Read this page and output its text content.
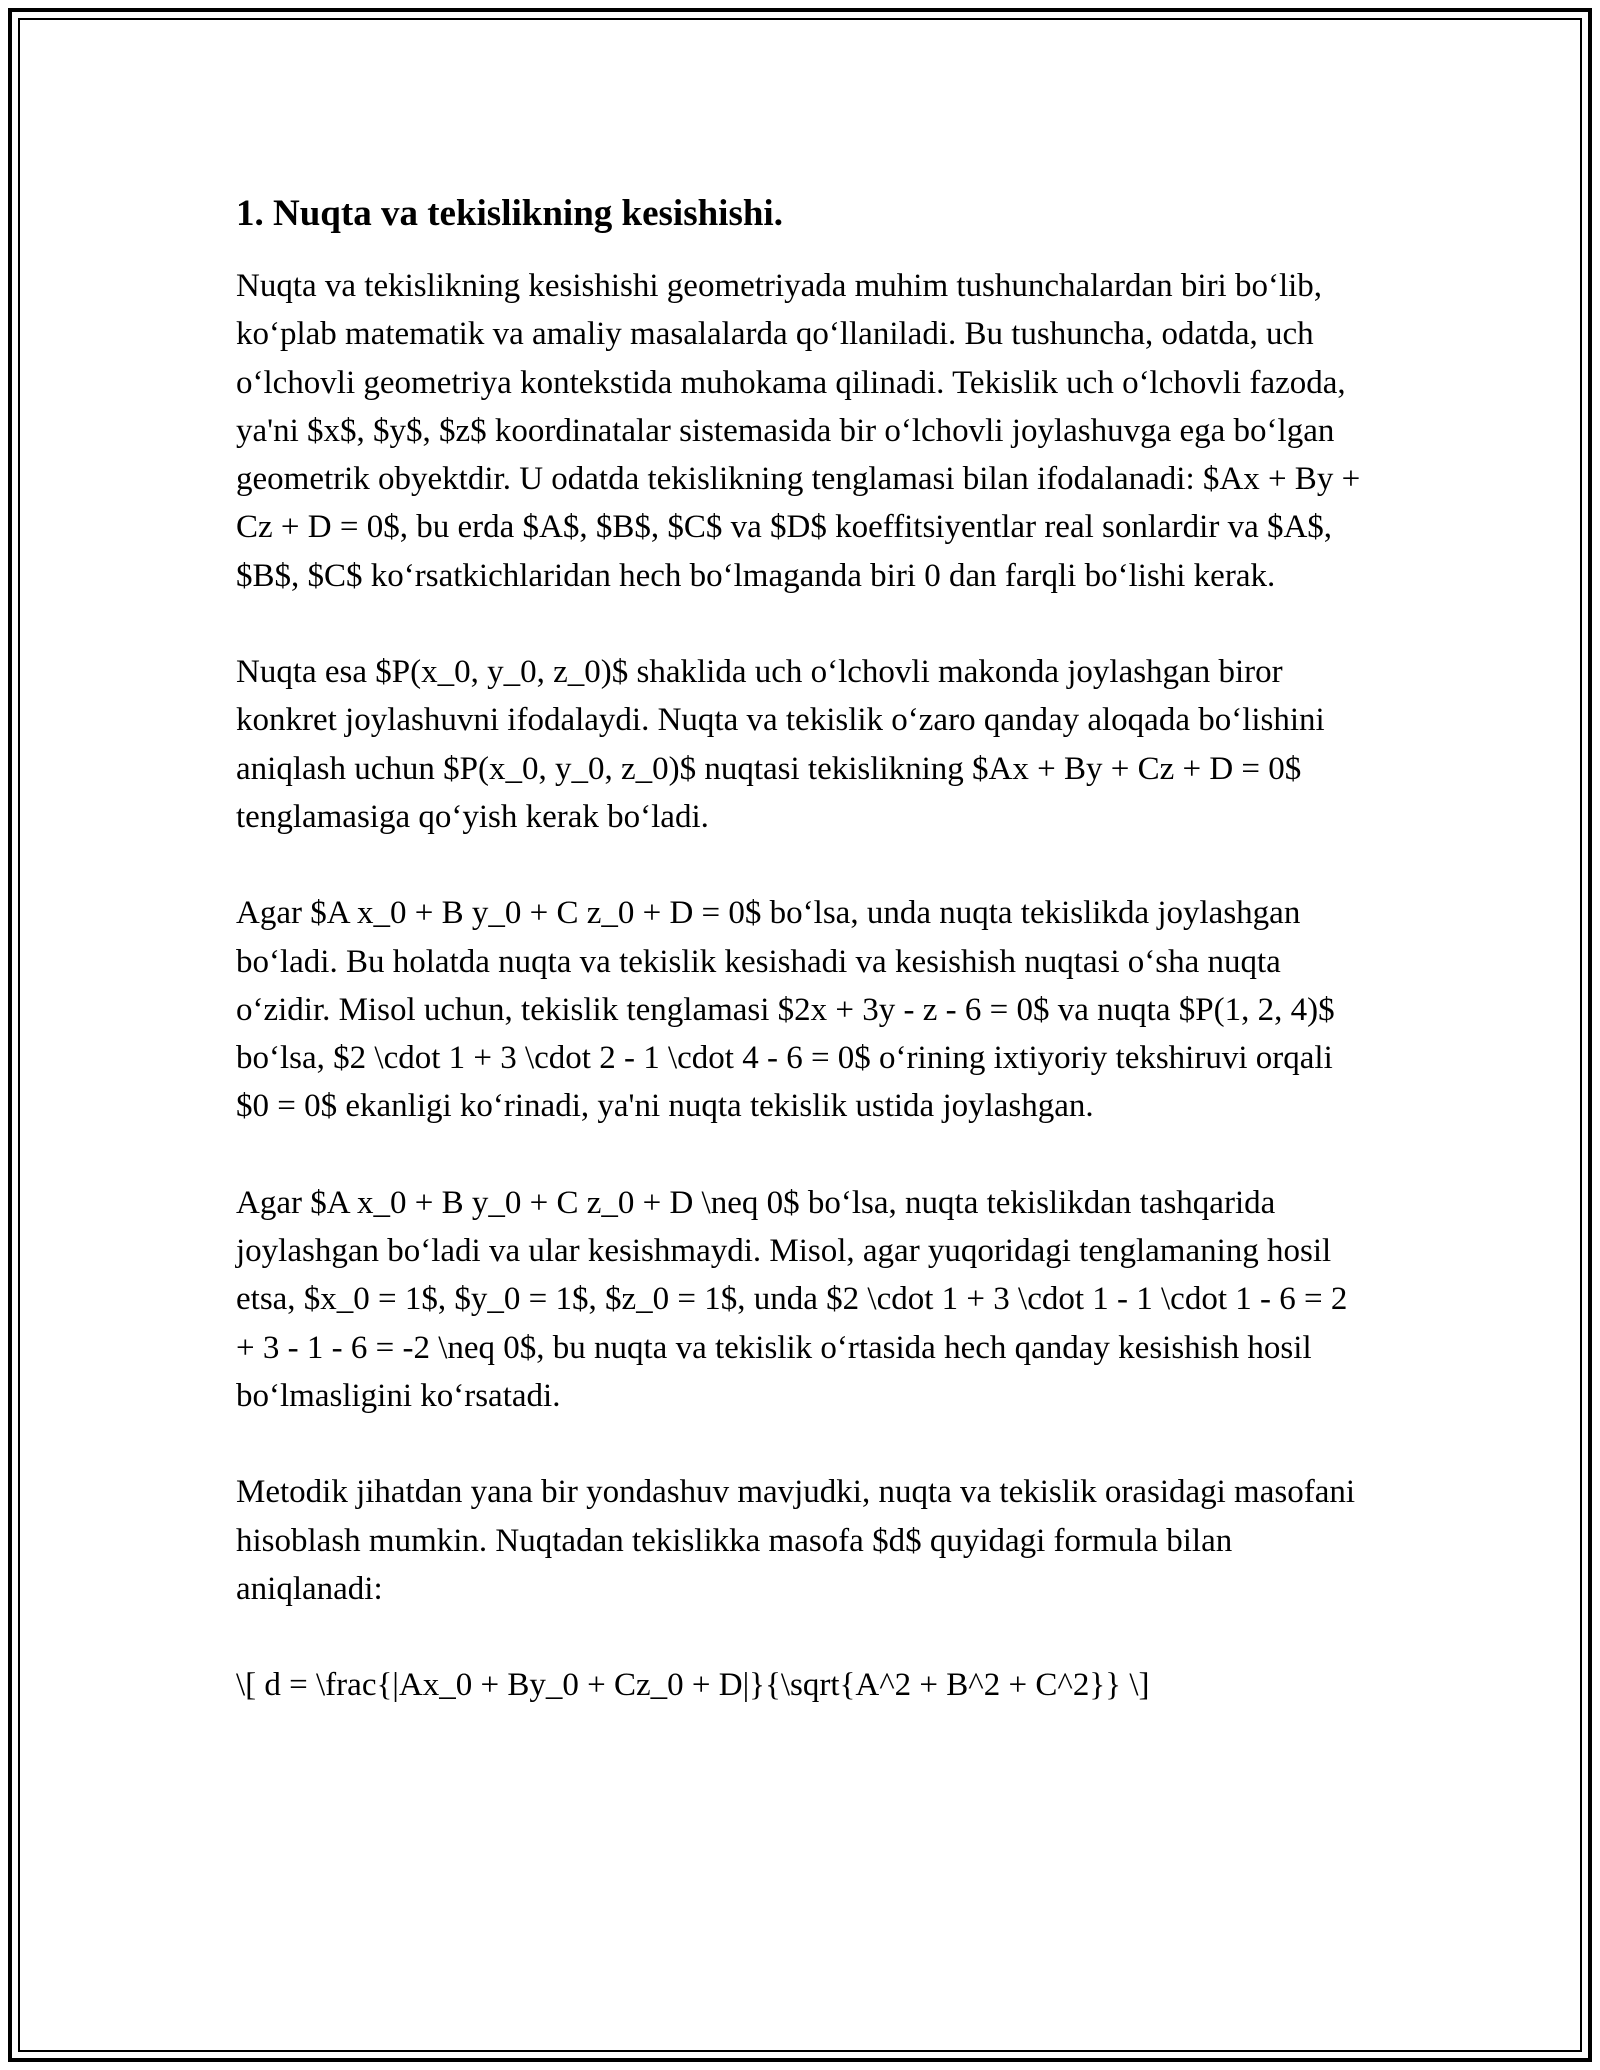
1. Nuqta va tekislikning kesishishi.

Nuqta va tekislikning kesishishi geometriyada muhim tushunchalardan biri bo‘lib, ko‘plab matematik va amaliy masalalarda qo‘llaniladi. Bu tushuncha, odatda, uch o‘lchovli geometriya kontekstida muhokama qilinadi. Tekislik uch o‘lchovli fazoda, ya'ni $x$, $y$, $z$ koordinatalar sistemasida bir o‘lchovli joylashuvga ega bo‘lgan geometrik obyektdir. U odatda tekislikning tenglamasi bilan ifodalanadi: $Ax + By + Cz + D = 0$, bu erda $A$, $B$, $C$ va $D$ koeffitsiyentlar real sonlardir va $A$, $B$, $C$ ko‘rsatkichlaridan hech bo‘lmaganda biri 0 dan farqli bo‘lishi kerak.

Nuqta esa $P(x_0, y_0, z_0)$ shaklida uch o‘lchovli makonda joylashgan biror konkret joylashuvni ifodalaydi. Nuqta va tekislik o‘zaro qanday aloqada bo‘lishini aniqlash uchun $P(x_0, y_0, z_0)$ nuqtasi tekislikning $Ax + By + Cz + D = 0$ tenglamasiga qo‘yish kerak bo‘ladi.

Agar $A x_0 + B y_0 + C z_0 + D = 0$ bo‘lsa, unda nuqta tekislikda joylashgan bo‘ladi. Bu holatda nuqta va tekislik kesishadi va kesishish nuqtasi o‘sha nuqta o‘zidir. Misol uchun, tekislik tenglamasi $2x + 3y - z - 6 = 0$ va nuqta $P(1, 2, 4)$ bo‘lsa, $2 \cdot 1 + 3 \cdot 2 - 1 \cdot 4 - 6 = 0$ o‘rining ixtiyoriy tekshiruvi orqali $0 = 0$ ekanligi ko‘rinadi, ya'ni nuqta tekislik ustida joylashgan.

Agar $A x_0 + B y_0 + C z_0 + D \neq 0$ bo‘lsa, nuqta tekislikdan tashqarida joylashgan bo‘ladi va ular kesishmaydi. Misol, agar yuqoridagi tenglamaning hosil etsa, $x_0 = 1$, $y_0 = 1$, $z_0 = 1$, unda $2 \cdot 1 + 3 \cdot 1 - 1 \cdot 1 - 6 = 2 + 3 - 1 - 6 = -2 \neq 0$, bu nuqta va tekislik o‘rtasida hech qanday kesishish hosil bo‘lmasligini ko‘rsatadi.

Metodik jihatdan yana bir yondashuv mavjudki, nuqta va tekislik orasidagi masofani hisoblash mumkin. Nuqtadan tekislikka masofa $d$ quyidagi formula bilan aniqlanadi:

\[ d = \frac{|Ax_0 + By_0 + Cz_0 + D|}{\sqrt{A^2 + B^2 + C^2}} \]
